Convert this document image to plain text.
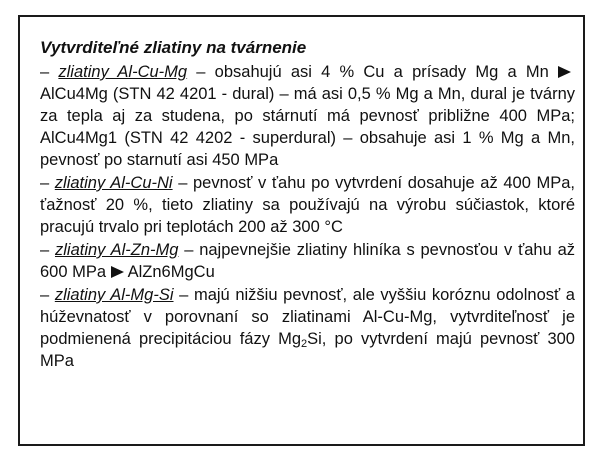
Vytvrditeľné zliatiny na tvárnenie

– zliatiny Al-Cu-Mg – obsahujú asi 4 % Cu a prísady Mg a Mn AlCu4Mg (STN 42 4201 - dural) – má asi 0,5 % Mg a Mn, dural je tvárny za tepla aj za studena, po stárnutí má pevnosť približne 400 MPa; AlCu4Mg1 (STN 42 4202 - superdural) – obsahuje asi 1 % Mg a Mn, pevnosť po starnutí asi 450 MPa

– zliatiny Al-Cu-Ni – pevnosť v ťahu po vytvrdení dosahuje až 400 MPa, ťažnosť 20 %, tieto zliatiny sa používajú na výrobu súčiastok, ktoré pracujú trvalo pri teplotách 200 až 300 °C

– zliatiny Al-Zn-Mg – najpevnejšie zliatiny hliníka s pevnosťou v ťahu až 600 MPa AlZn6MgCu

– zliatiny Al-Mg-Si – majú nižšiu pevnosť, ale vyššiu koróznu odolnosť a húževnatosť v porovnaní so zliatinami Al-Cu-Mg, vytvrditeľnosť je podmienená precipitáciou fázy $Mg_2Si$, po vytvrdení majú pevnosť 300 MPa
